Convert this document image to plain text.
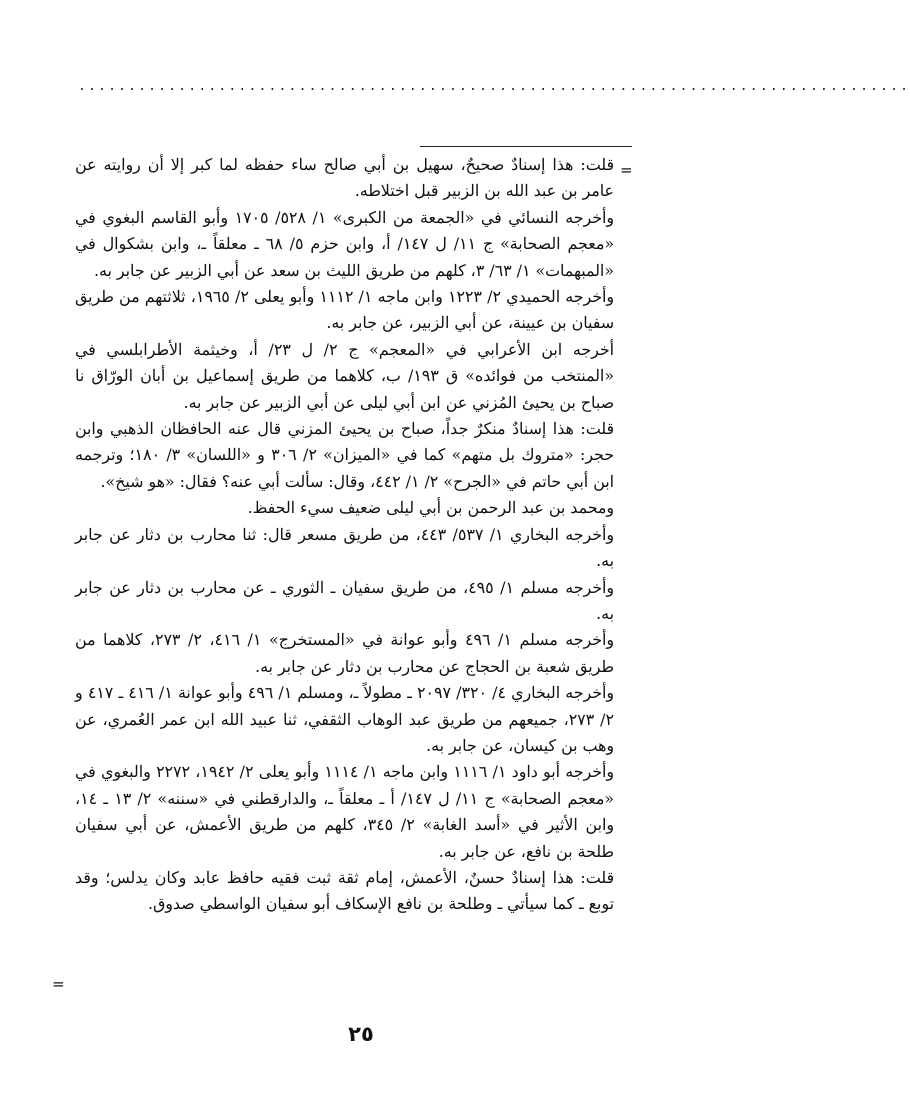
...................................................................................
=

قلت: هذا إسنادٌ صحيحٌ، سهيل بن أبي صالح ساء حفظه لما كبر إلا أن روايته عن عامر بن عبد الله بن الزبير قبل اختلاطه.

وأخرجه النسائي في «الجمعة من الكبرى» ١/ ٥٢٨/ ١٧٠٥ وأبو القاسم البغوي في «معجم الصحابة» ج ١١/ ل ١٤٧/ أ، وابن حزم ٥/ ٦٨ ـ معلقاً ـ، وابن بشكوال في «المبهمات» ١/ ٦٣/ ٣، كلهم من طريق الليث بن سعد عن أبي الزبير عن جابر به.

وأخرجه الحميدي ٢/ ١٢٢٣ وابن ماجه ١/ ١١١٢ وأبو يعلى ٢/ ١٩٦٥، ثلاثتهم من طريق سفيان بن عيينة، عن أبي الزبير، عن جابر به.

أخرجه ابن الأعرابي في «المعجم» ج ٢/ ل ٢٣/ أ، وخيثمة الأطرابلسي في «المنتخب من فوائده» ق ١٩٣/ ب، كلاهما من طريق إسماعيل بن أبان الورّاق نا صباح بن يحيئ المُزني عن ابن أبي ليلى عن أبي الزبير عن جابر به.

قلت: هذا إسنادٌ منكرٌ جداً، صباح بن يحيئ المزني قال عنه الحافظان الذهبي وابن حجر: «متروك بل متهم» كما في «الميزان» ٢/ ٣٠٦ و «اللسان» ٣/ ١٨٠؛ وترجمه ابن أبي حاتم في «الجرح» ٢/ ١/ ٤٤٢، وقال: سألت أبي عنه؟ فقال: «هو شيخ».

ومحمد بن عبد الرحمن بن أبي ليلى ضعيف سيء الحفظ.

وأخرجه البخاري ١/ ٥٣٧/ ٤٤٣، من طريق مسعر قال: ثنا محارب بن دثار عن جابر به.

وأخرجه مسلم ١/ ٤٩٥، من طريق سفيان ـ الثوري ـ عن محارب بن دثار عن جابر به.

وأخرجه مسلم ١/ ٤٩٦ وأبو عوانة في «المستخرج» ١/ ٤١٦، ٢/ ٢٧٣، كلاهما من طريق شعبة بن الحجاج عن محارب بن دثار عن جابر به.

وأخرجه البخاري ٤/ ٣٢٠/ ٢٠٩٧ ـ مطولاً ـ، ومسلم ١/ ٤٩٦ وأبو عوانة ١/ ٤١٦ ـ ٤١٧ و ٢/ ٢٧٣، جميعهم من طريق عبد الوهاب الثقفي، ثنا عبيد الله ابن عمر العُمري، عن وهب بن كيسان، عن جابر به.

وأخرجه أبو داود ١/ ١١١٦ وابن ماجه ١/ ١١١٤ وأبو يعلى ٢/ ١٩٤٢، ٢٢٧٢ والبغوي في «معجم الصحابة» ج ١١/ ل ١٤٧/ أ ـ معلقاً ـ، والدارقطني في «سننه» ٢/ ١٣ ـ ١٤، وابن الأثير في «أسد الغابة» ٢/ ٣٤٥، كلهم من طريق الأعمش، عن أبي سفيان طلحة بن نافع، عن جابر به.

قلت: هذا إسنادٌ حسنٌ، الأعمش، إمام ثقة ثبت فقيه حافظ عابد وكان يدلس؛ وقد توبع ـ كما سيأتي ـ وطلحة بن نافع الإسكاف أبو سفيان الواسطي صدوق.

=
٢٥
